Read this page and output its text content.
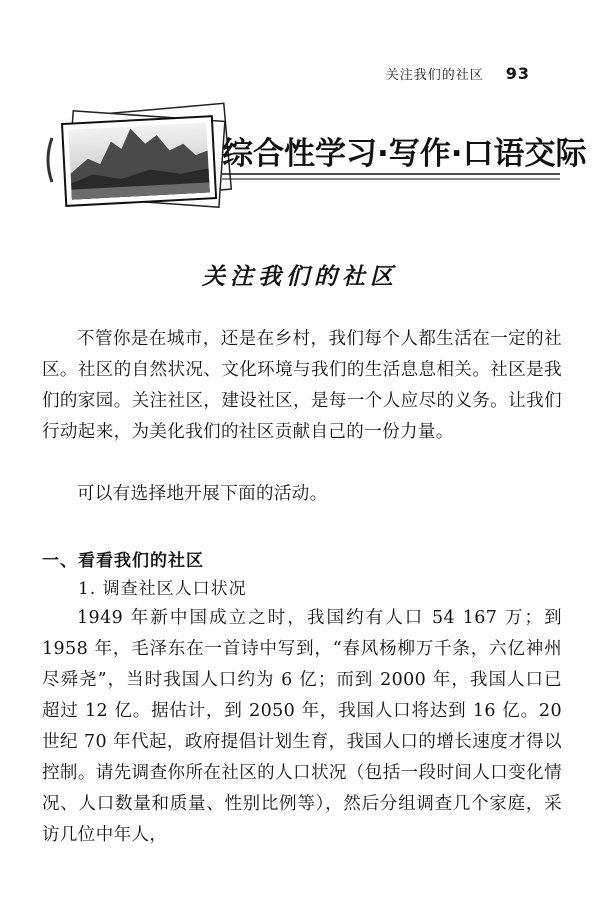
关注我们的社区 93
综合性学习·写作·口语交际
关注我们的社区

不管你是在城市，还是在乡村，我们每个人都生活在一定的社区。社区的自然状况、文化环境与我们的生活息息相关。社区是我们的家园。关注社区，建设社区，是每一个人应尽的义务。让我们行动起来，为美化我们的社区贡献自己的一份力量。

可以有选择地开展下面的活动。

一、看看我们的社区
1. 调查社区人口状况

1949 年新中国成立之时，我国约有人口 54 167 万；到 1958 年，毛泽东在一首诗中写到，“春风杨柳万千条，六亿神州尽舜尧”，当时我国人口约为 6 亿；而到 2000 年，我国人口已超过 12 亿。据估计，到 2050 年，我国人口将达到 16 亿。20 世纪 70 年代起，政府提倡计划生育，我国人口的增长速度才得以控制。请先调查你所在社区的人口状况（包括一段时间人口变化情况、人口数量和质量、性别比例等），然后分组调查几个家庭，采访几位中年人，
